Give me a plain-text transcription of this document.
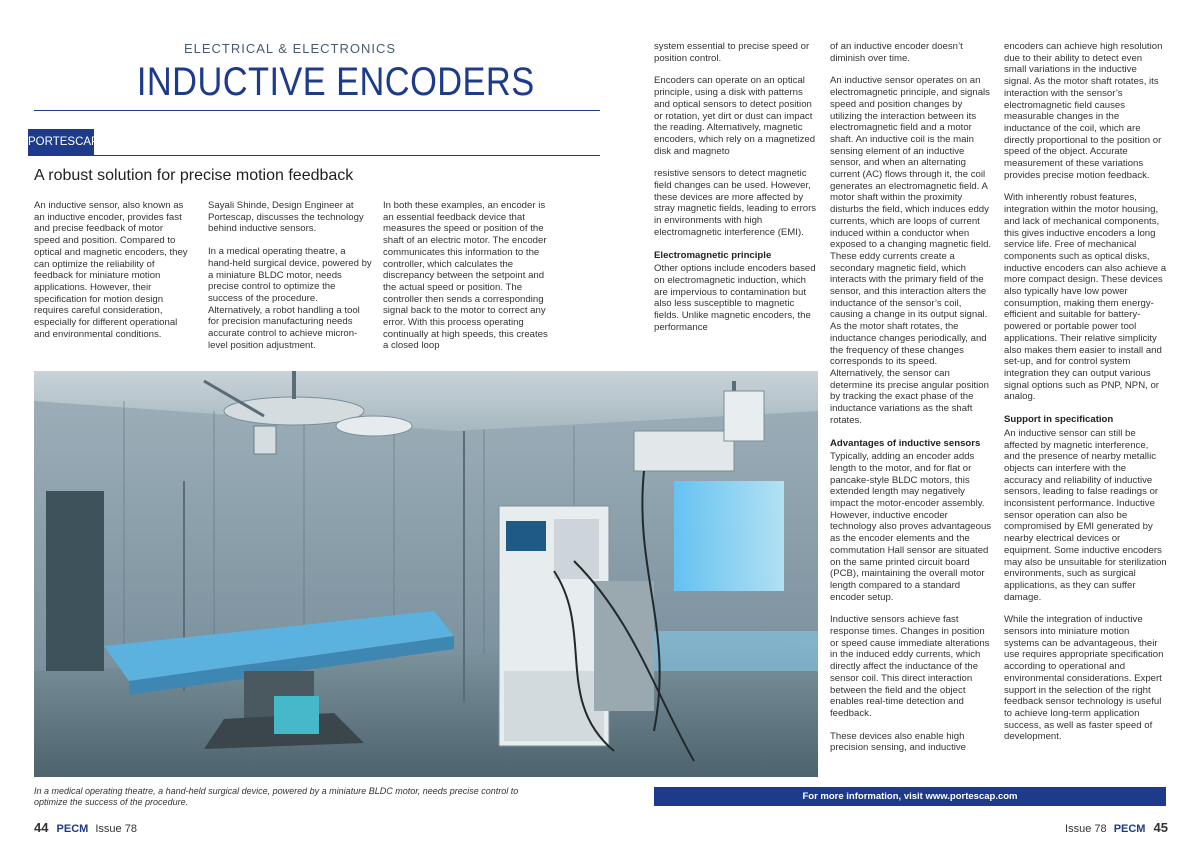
ELECTRICAL & ELECTRONICS
INDUCTIVE ENCODERS
PORTESCAP
A robust solution for precise motion feedback

An inductive sensor, also known as an inductive encoder, provides fast and precise feedback of motor speed and position. Compared to optical and magnetic encoders, they can optimize the reliability of feedback for miniature motion applications. However, their specification for motion design requires careful consideration, especially for different operational and environmental conditions.

Sayali Shinde, Design Engineer at Portescap, discusses the technology behind inductive sensors.

In a medical operating theatre, a hand-held surgical device, powered by a miniature BLDC motor, needs precise control to optimize the success of the procedure. Alternatively, a robot handling a tool for precision manufacturing needs accurate control to achieve micron-level position adjustment.

In both these examples, an encoder is an essential feedback device that measures the speed or position of the shaft of an electric motor. The encoder communicates this information to the controller, which calculates the discrepancy between the setpoint and the actual speed or position. The controller then sends a corresponding signal back to the motor to correct any error. With this process operating continually at high speeds, this creates a closed loop

system essential to precise speed or position control.

Encoders can operate on an optical principle, using a disk with patterns and optical sensors to detect position or rotation, yet dirt or dust can impact the reading. Alternatively, magnetic encoders, which rely on a magnetized disk and magneto

resistive sensors to detect magnetic field changes can be used. However, these devices are more affected by stray magnetic fields, leading to errors in environments with high electromagnetic interference (EMI).

Electromagnetic principle

Other options include encoders based on electromagnetic induction, which are impervious to contamination but also less susceptible to magnetic fields. Unlike magnetic encoders, the performance

of an inductive encoder doesn’t diminish over time.

An inductive sensor operates on an electromagnetic principle, and signals speed and position changes by utilizing the interaction between its electromagnetic field and a motor shaft. An inductive coil is the main sensing element of an inductive sensor, and when an alternating current (AC) flows through it, the coil generates an electromagnetic field. A motor shaft within the proximity disturbs the field, which induces eddy currents, which are loops of current induced within a conductor when exposed to a changing magnetic field. These eddy currents create a secondary magnetic field, which interacts with the primary field of the sensor, and this interaction alters the inductance of the sensor’s coil, causing a change in its output signal. As the motor shaft rotates, the inductance changes periodically, and the frequency of these changes corresponds to its speed. Alternatively, the sensor can determine its precise angular position by tracking the exact phase of the inductance variations as the shaft rotates.

Advantages of inductive sensors

Typically, adding an encoder adds length to the motor, and for flat or pancake-style BLDC motors, this extended length may negatively impact the motor-encoder assembly. However, inductive encoder technology also proves advantageous as the encoder elements and the commutation Hall sensor are situated on the same printed circuit board (PCB), maintaining the overall motor length compared to a standard encoder setup.

Inductive sensors achieve fast response times. Changes in position or speed cause immediate alterations in the induced eddy currents, which directly affect the inductance of the sensor coil. This direct interaction between the field and the object enables real-time detection and feedback.

These devices also enable high precision sensing, and inductive

encoders can achieve high resolution due to their ability to detect even small variations in the inductive signal. As the motor shaft rotates, its interaction with the sensor’s electromagnetic field causes measurable changes in the inductance of the coil, which are directly proportional to the position or speed of the object. Accurate measurement of these variations provides precise motion feedback.

With inherently robust features, integration within the motor housing, and lack of mechanical components, this gives inductive encoders a long service life. Free of mechanical components such as optical disks, inductive encoders can also achieve a more compact design. These devices also typically have low power consumption, making them energy-efficient and suitable for battery-powered or portable power tool applications. Their relative simplicity also makes them easier to install and set-up, and for control system integration they can output various signal options such as PNP, NPN, or analog.

Support in specification

An inductive sensor can still be affected by magnetic interference, and the presence of nearby metallic objects can interfere with the accuracy and reliability of inductive sensors, leading to false readings or inconsistent performance. Inductive sensor operation can also be compromised by EMI generated by nearby electrical devices or equipment. Some inductive encoders may also be unsuitable for sterilization environments, such as surgical applications, as they can suffer damage.

While the integration of inductive sensors into miniature motion systems can be advantageous, their use requires appropriate specification according to operational and environmental considerations. Expert support in the selection of the right feedback sensor technology is useful to achieve long-term application success, as well as faster speed of development.

In a medical operating theatre, a hand-held surgical device, powered by a miniature BLDC motor, needs precise control to optimize the success of the procedure.	For more information, visit www.portescap.com
44 PECM Issue 78	Issue 78 PECM 45
